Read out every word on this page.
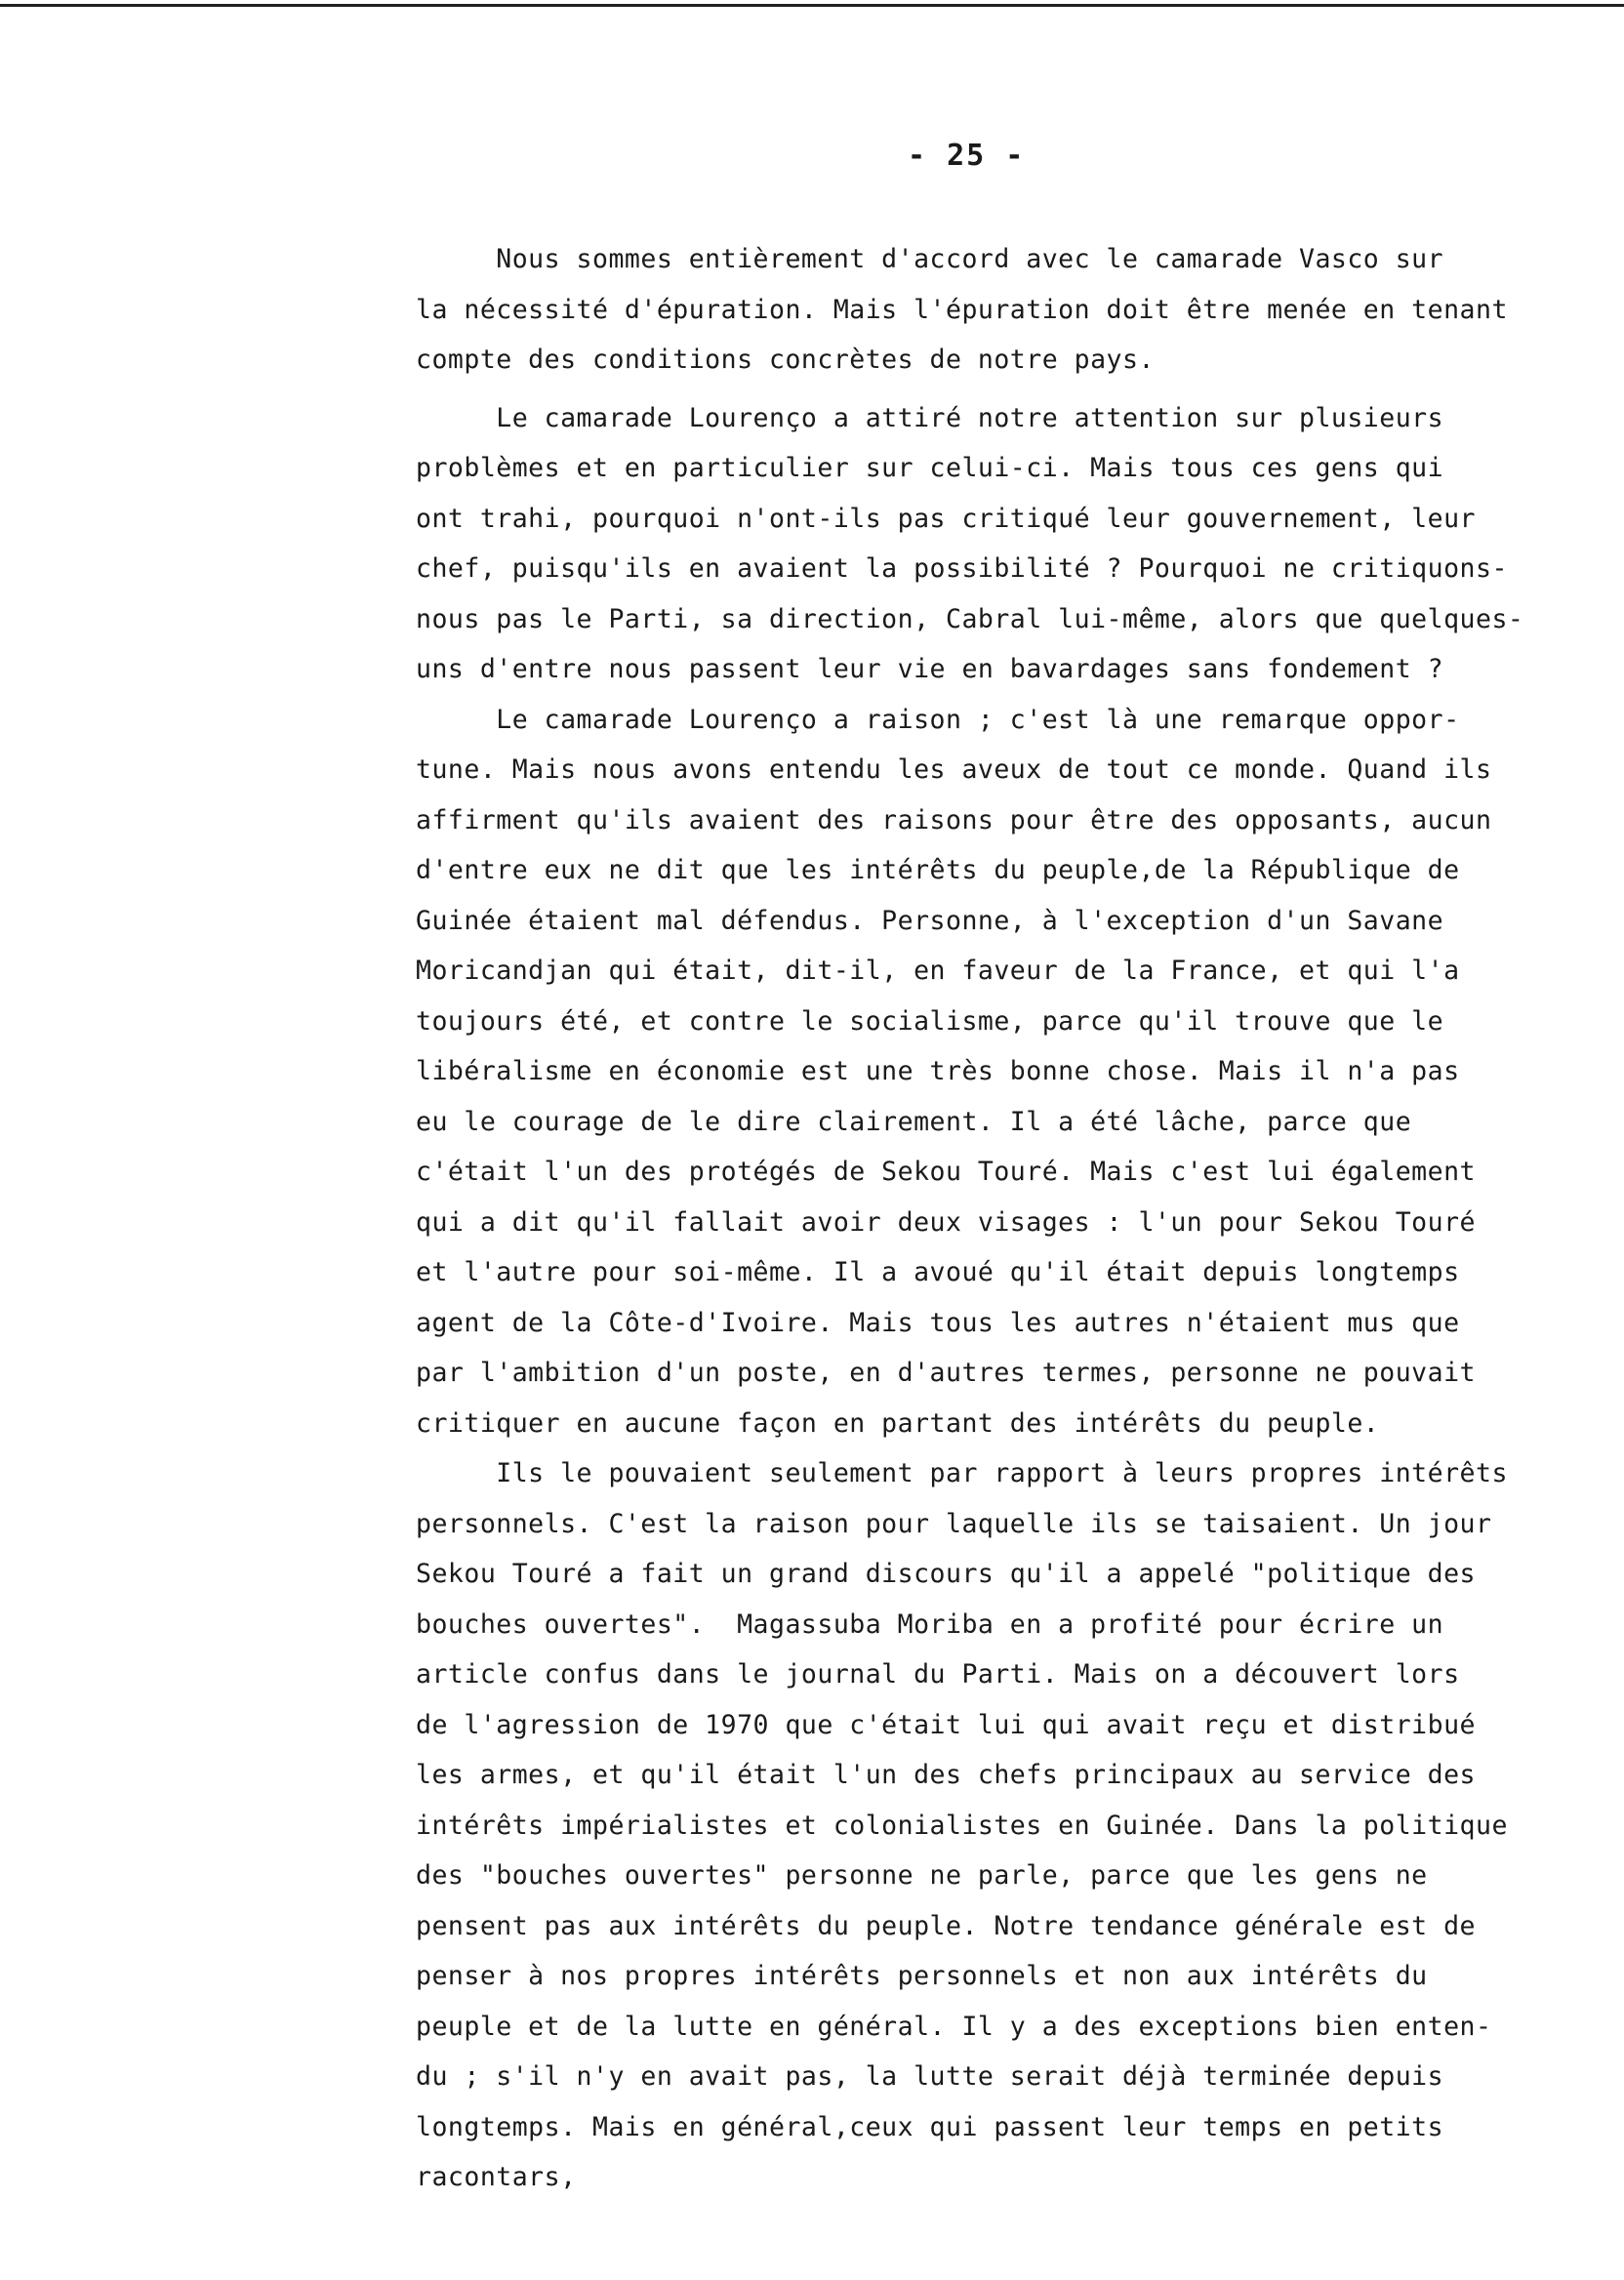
- 25 -
Nous sommes entièrement d'accord avec le camarade Vasco sur
la nécessité d'épuration. Mais l'épuration doit être menée en tenant
compte des conditions concrètes de notre pays.
Le camarade Lourenço a attiré notre attention sur plusieurs
problèmes et en particulier sur celui-ci. Mais tous ces gens qui
ont trahi, pourquoi n'ont-ils pas critiqué leur gouvernement, leur
chef, puisqu'ils en avaient la possibilité ? Pourquoi ne critiquons-
nous pas le Parti, sa direction, Cabral lui-même, alors que quelques-
uns d'entre nous passent leur vie en bavardages sans fondement ?
Le camarade Lourenço a raison ; c'est là une remarque oppor-
tune. Mais nous avons entendu les aveux de tout ce monde. Quand ils
affirment qu'ils avaient des raisons pour être des opposants, aucun
d'entre eux ne dit que les intérêts du peuple,de la République de
Guinée étaient mal défendus. Personne, à l'exception d'un Savane
Moricandjan qui était, dit-il, en faveur de la France, et qui l'a
toujours été, et contre le socialisme, parce qu'il trouve que le
libéralisme en économie est une très bonne chose. Mais il n'a pas
eu le courage de le dire clairement. Il a été lâche, parce que
c'était l'un des protégés de Sekou Touré. Mais c'est lui également
qui a dit qu'il fallait avoir deux visages : l'un pour Sekou Touré
et l'autre pour soi-même. Il a avoué qu'il était depuis longtemps
agent de la Côte-d'Ivoire. Mais tous les autres n'étaient mus que
par l'ambition d'un poste, en d'autres termes, personne ne pouvait
critiquer en aucune façon en partant des intérêts du peuple.
Ils le pouvaient seulement par rapport à leurs propres intérêts
personnels. C'est la raison pour laquelle ils se taisaient. Un jour
Sekou Touré a fait un grand discours qu'il a appelé "politique des
bouches ouvertes".  Magassuba Moriba en a profité pour écrire un
article confus dans le journal du Parti. Mais on a découvert lors
de l'agression de 1970 que c'était lui qui avait reçu et distribué
les armes, et qu'il était l'un des chefs principaux au service des
intérêts impérialistes et colonialistes en Guinée. Dans la politique
des "bouches ouvertes" personne ne parle, parce que les gens ne
pensent pas aux intérêts du peuple. Notre tendance générale est de
penser à nos propres intérêts personnels et non aux intérêts du
peuple et de la lutte en général. Il y a des exceptions bien enten-
du ; s'il n'y en avait pas, la lutte serait déjà terminée depuis
longtemps. Mais en général,ceux qui passent leur temps en petits
racontars,
